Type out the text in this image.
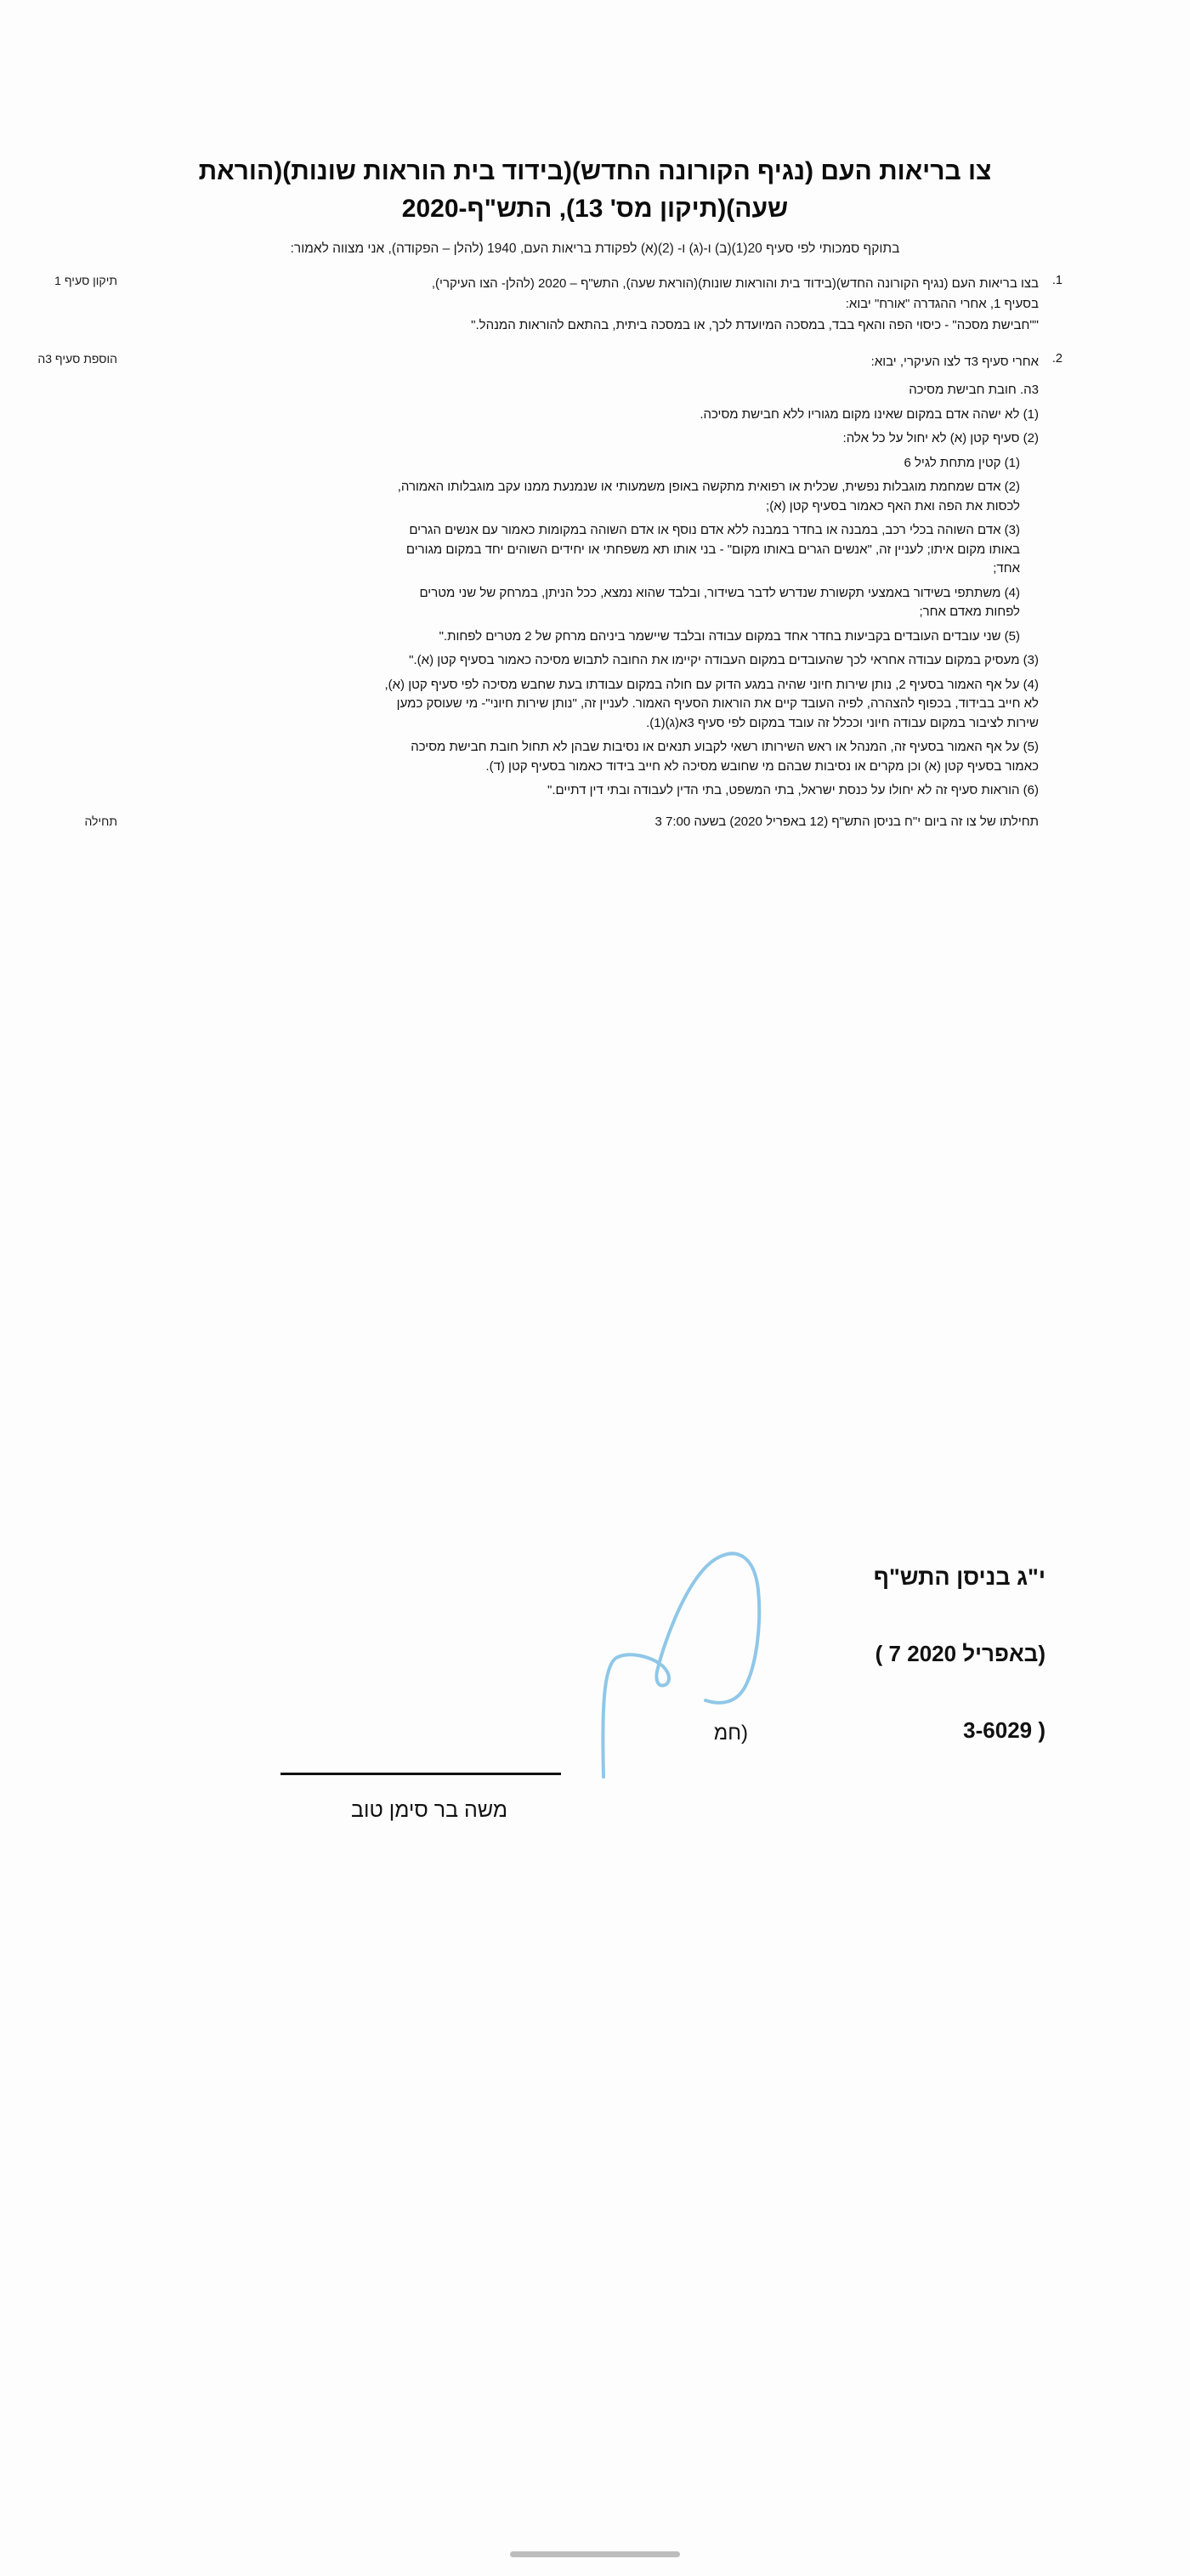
צו בריאות העם (נגיף הקורונה החדש)(בידוד בית הוראות שונות)(הוראת שעה)(תיקון מס' 13), התש"ף-2020
בתוקף סמכותי לפי סעיף 20(1)(ב) ו-(ג) ו- (2)(א) לפקודת בריאות העם, 1940 (להלן – הפקודה), אני מצווה לאמור:
תיקון סעיף 1	1.

בצו בריאות העם (נגיף הקורונה החדש)(בידוד בית והוראות שונות)(הוראת שעה), התש"ף – 2020 (להלן- הצו העיקרי), בסעיף 1, אחרי ההגדרה "אורח" יבוא:

""חבישת מסכה" - כיסוי הפה והאף בבד, במסכה המיועדת לכך, או במסכה ביתית, בהתאם להוראות המנהל."

הוספת סעיף 3ה	2.

אחרי סעיף 3ד לצו העיקרי, יבוא:

3ה. חובת חבישת מסיכה

(1) לא ישהה אדם במקום שאינו מקום מגוריו ללא חבישת מסיכה.

(2) סעיף קטן (א) לא יחול על כל אלה:

(1) קטין מתחת לגיל 6

(2) אדם שמחמת מוגבלות נפשית, שכלית או רפואית מתקשה באופן משמעותי או שנמנעת ממנו עקב מוגבלותו האמורה, לכסות את הפה ואת האף כאמור בסעיף קטן (א);

(3) אדם השוהה בכלי רכב, במבנה או בחדר במבנה ללא אדם נוסף או אדם השוהה במקומות כאמור עם אנשים הגרים באותו מקום איתו; לעניין זה, "אנשים הגרים באותו מקום" - בני אותו תא משפחתי או יחידים השוהים יחד במקום מגורים אחד;

(4) משתתפי בשידור באמצעי תקשורת שנדרש לדבר בשידור, ובלבד שהוא נמצא, ככל הניתן, במרחק של שני מטרים לפחות מאדם אחר;

(5) שני עובדים העובדים בקביעות בחדר אחד במקום עבודה ובלבד שיישמר ביניהם מרחק של 2 מטרים לפחות."

(3) מעסיק במקום עבודה אחראי לכך שהעובדים במקום העבודה יקיימו את החובה לתבוש מסיכה כאמור בסעיף קטן (א)."

(4) על אף האמור בסעיף 2, נותן שירות חיוני שהיה במגע הדוק עם חולה במקום עבודתו בעת שחבש מסיכה לפי סעיף קטן (א), לא חייב בבידוד, בכפוף להצהרה, לפיה העובד קיים את הוראות הסעיף האמור. לעניין זה, "נותן שירות חיוני"- מי שעוסק כמען שירות לציבור במקום עבודה חיוני וככלל זה עובד במקום לפי סעיף 3א(ג)(1).

(5) על אף האמור בסעיף זה, המנהל או ראש השירותו רשאי לקבוע תנאים או נסיבות שבהן לא תחול חובת חבישת מסיכה כאמור בסעיף קטן (א) וכן מקרים או נסיבות שבהם מי שחובש מסיכה לא חייב בידוד כאמור בסעיף קטן (ד).

(6) הוראות סעיף זה לא יחולו על כנסת ישראל, בתי המשפט, בתי הדין לעבודה ובתי דין דתיים."

תחילה	תחילתו של צו זה ביום י"ח בניסן התש"ף (12 באפריל 2020) בשעה 7:00 3

י"ג בניסן התש"ף
( 7 באפריל 2020)
3-6029 )
(חמ
משה בר סימן טוב
